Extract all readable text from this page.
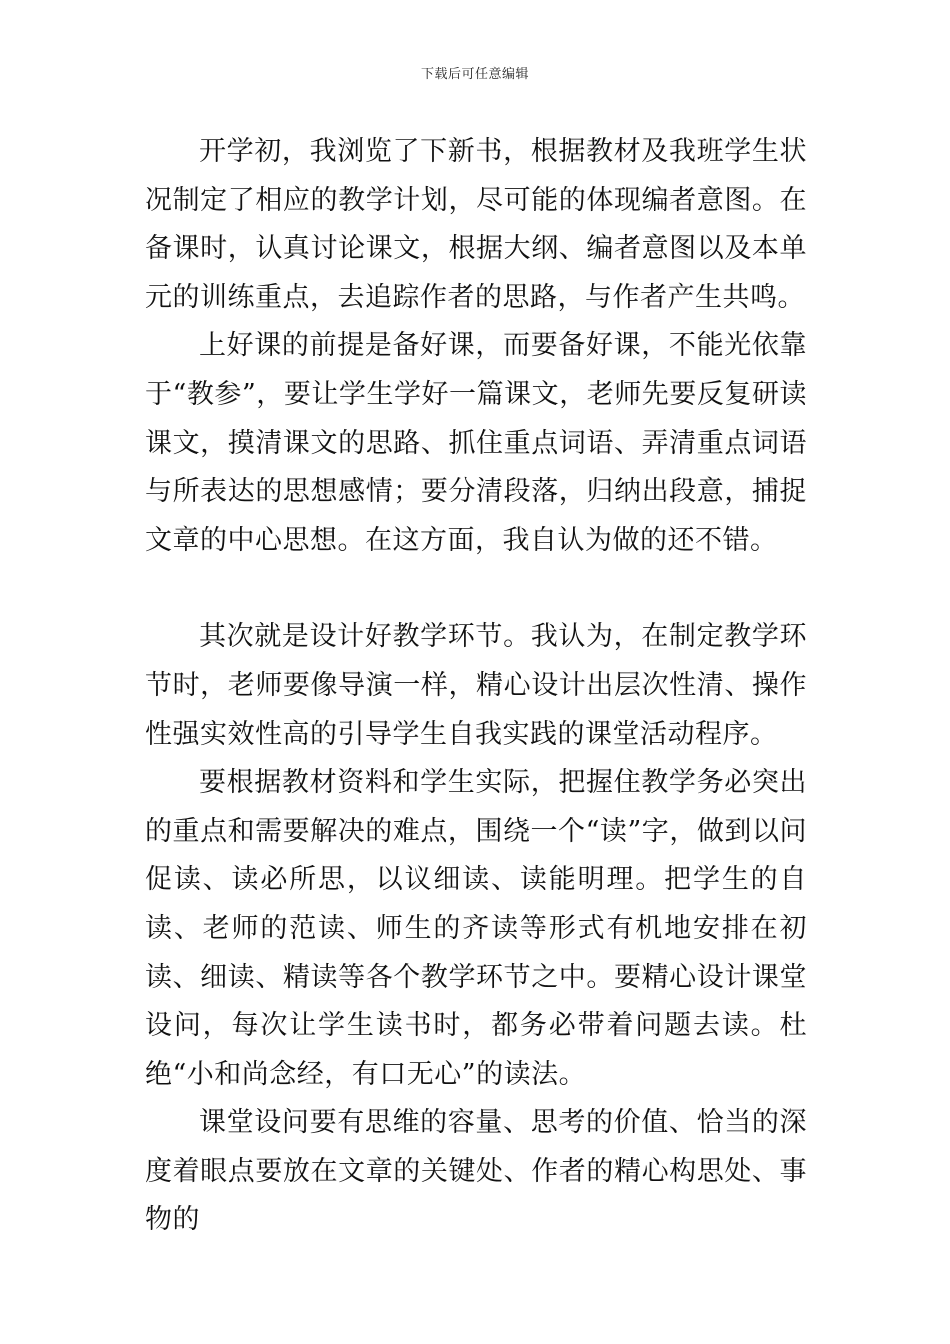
下载后可任意编辑

开学初，我浏览了下新书，根据教材及我班学生状况制定了相应的教学计划，尽可能的体现编者意图。在备课时，认真讨论课文，根据大纲、编者意图以及本单元的训练重点，去追踪作者的思路，与作者产生共鸣。

上好课的前提是备好课，而要备好课，不能光依靠于“教参”，要让学生学好一篇课文，老师先要反复研读课文，摸清课文的思路、抓住重点词语、弄清重点词语与所表达的思想感情；要分清段落，归纳出段意，捕捉文章的中心思想。在这方面，我自认为做的还不错。

其次就是设计好教学环节。我认为，在制定教学环节时，老师要像导演一样，精心设计出层次性清、操作性强实效性高的引导学生自我实践的课堂活动程序。

要根据教材资料和学生实际，把握住教学务必突出的重点和需要解决的难点，围绕一个“读”字，做到以问促读、读必所思，以议细读、读能明理。把学生的自读、老师的范读、师生的齐读等形式有机地安排在初读、细读、精读等各个教学环节之中。要精心设计课堂设问，每次让学生读书时，都务必带着问题去读。杜绝“小和尚念经，有口无心”的读法。

课堂设问要有思维的容量、思考的价值、恰当的深度着眼点要放在文章的关键处、作者的精心构思处、事物的
